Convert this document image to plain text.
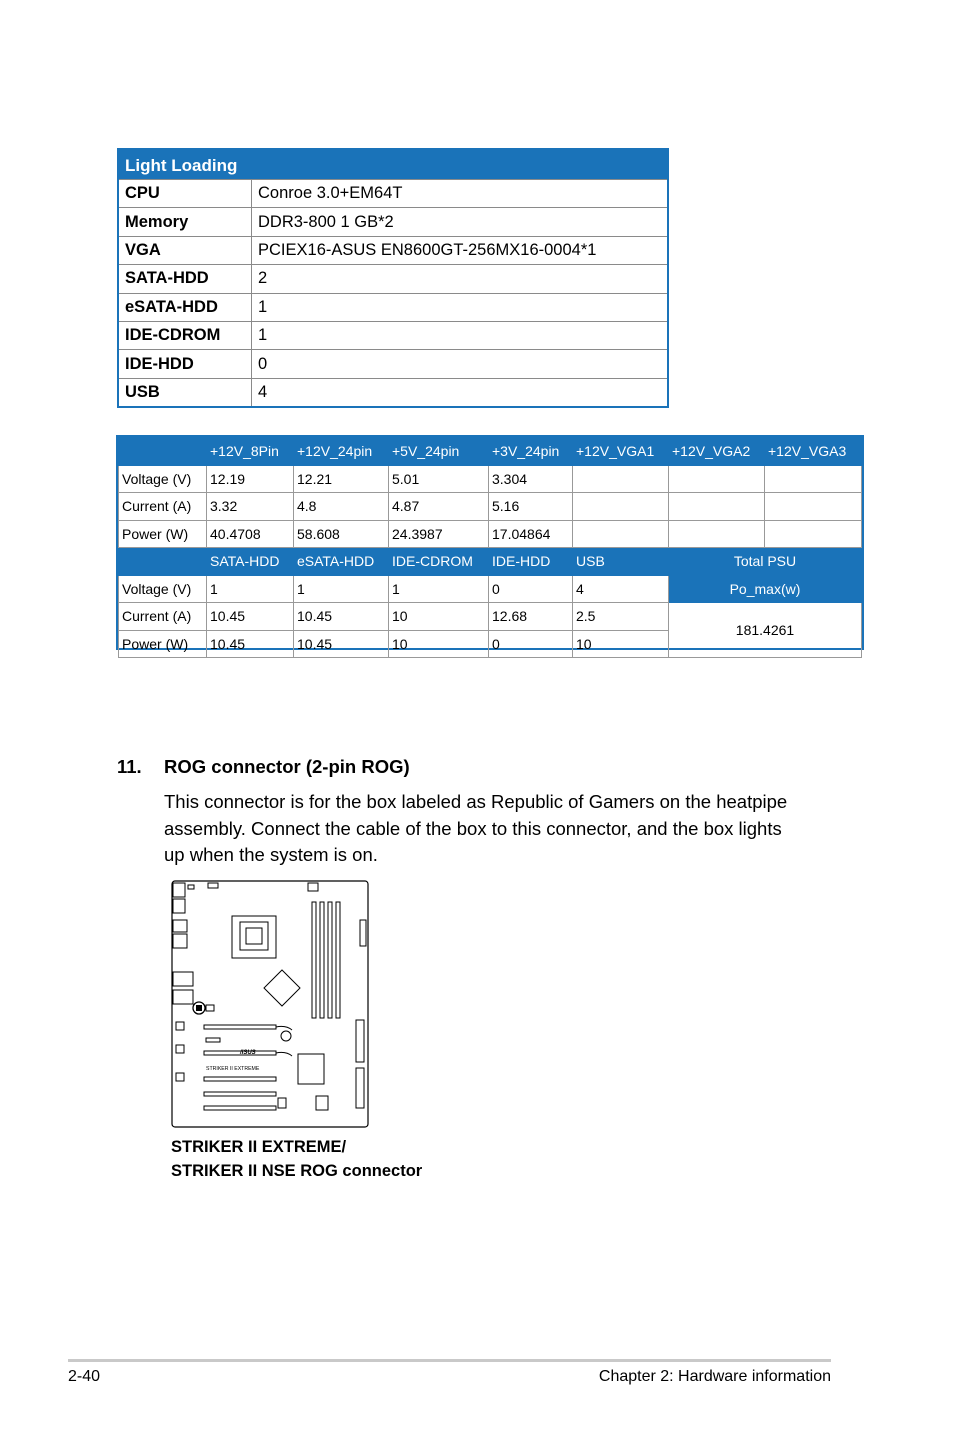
Light Loading
CPU	Conroe 3.0+EM64T
Memory	DDR3-800 1 GB*2
VGA	PCIEX16-ASUS EN8600GT-256MX16-0004*1
SATA-HDD	2
eSATA-HDD	1
IDE-CDROM	1
IDE-HDD	0
USB	4
	+12V_8Pin	+12V_24pin	+5V_24pin	+3V_24pin	+12V_VGA1	+12V_VGA2	+12V_VGA3
Voltage (V)	12.19	12.21	5.01	3.304			
Current (A)	3.32	4.8	4.87	5.16			
Power (W)	40.4708	58.608	24.3987	17.04864			
	SATA-HDD	eSATA-HDD	IDE-CDROM	IDE-HDD	USB	Total PSU	
Voltage (V)	1	1	1	0	4	Po_max(w)	
Current (A)	10.45	10.45	10	12.68	2.5	181.4261	
Power (W)	10.45	10.45	10	0	10		
11. ROG connector (2-pin ROG)
This connector is for the box labeled as Republic of Gamers on the heatpipe
assembly. Connect the cable of the box to this connector, and the box lights
up when the system is on.
/ISUS
STRIKER II EXTREME
STRIKER II EXTREME/
STRIKER II NSE ROG connector
2-40	Chapter 2: Hardware information
